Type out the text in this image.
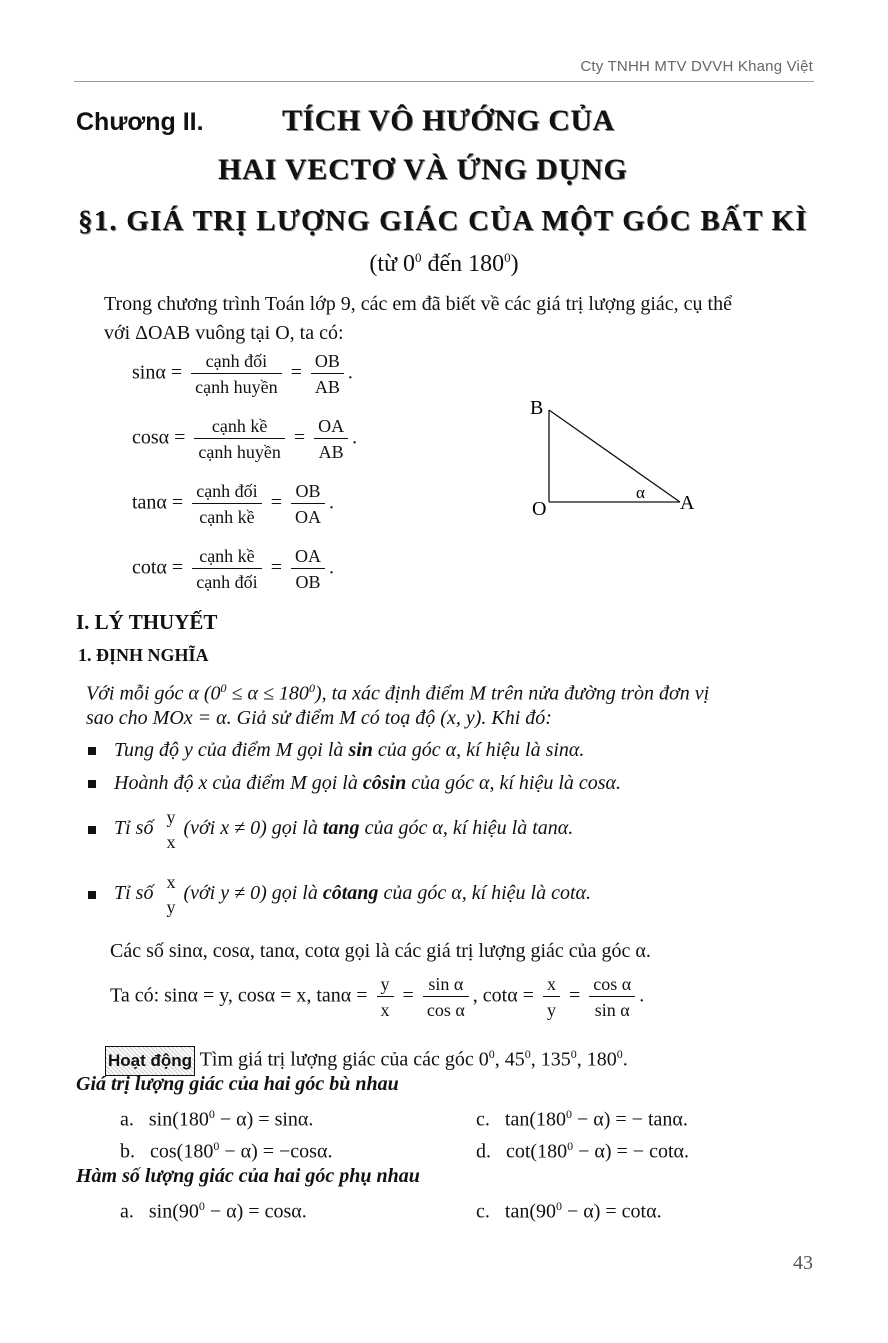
Cty TNHH MTV DVVH Khang Việt
Chương II.	TÍCH VÔ HƯỚNG CỦA
HAI VECTƠ VÀ ỨNG DỤNG
§1. GIÁ TRỊ LƯỢNG GIÁC CỦA MỘT GÓC BẤT KÌ
(từ $0^0$ đến $180^0$)
Trong chương trình Toán lớp 9, các em đã biết về các giá trị lượng giác, cụ thể
với ΔOAB vuông tại O, ta có:
$\sin\alpha = \frac{\text{cạnh đối}}{\text{cạnh huyền}} = \frac{OB}{AB}$ .
$\cos\alpha = \frac{\text{cạnh kề}}{\text{cạnh huyền}} = \frac{OA}{AB}$ .
$\tan\alpha = \frac{\text{cạnh đối}}{\text{cạnh kề}} = \frac{OB}{OA}$ .
$\cot\alpha = \frac{\text{cạnh kề}}{\text{cạnh đối}} = \frac{OA}{OB}$ .
B
O	A
α
I. LÝ THUYẾT
1. ĐỊNH NGHĨA
Với mỗi góc α $(0^0 \le \alpha \le 180^0)$, ta xác định điểm M trên nửa đường tròn đơn vị
sao cho MOx = α. Giả sử điểm M có toạ độ (x, y). Khi đó:
Tung độ y của điểm M gọi là sin của góc α, kí hiệu là sinα.
Hoành độ x của điểm M gọi là côsin của góc α, kí hiệu là cosα.
Tỉ số
y
x
(với x ≠ 0) gọi là tang của góc α, kí hiệu là tanα.
Tỉ số
x
y
(với y ≠ 0) gọi là côtang của góc α, kí hiệu là cotα.
Các số sinα, cosα, tanα, cotα gọi là các giá trị lượng giác của góc α.
Ta có: sinα = y, cosα = x, $\tan\alpha = \frac{y}{x} = \frac{\text{sin α}}{\text{cos α}}$ , $\cot\alpha = \frac{x}{y} = \frac{\text{cos α}}{\text{sin α}}$ .
Hoạt động Tìm giá trị lượng giác của các góc $0^0$, $45^0$, $135^0$, $180^0$.
Giá trị lượng giác của hai góc bù nhau
a. $\sin(180^0 - \alpha) = \sin\alpha$.	c. $\tan(180^0 - \alpha)$ = − tanα.
b. $\cos(180^0 - \alpha) = -\cos\alpha$.	d. $\cot(180^0 - \alpha)$ = − cotα.
Hàm số lượng giác của hai góc phụ nhau
a. $\sin(90^0 - \alpha) = \cos\alpha$.	c. $\tan(90^0 - \alpha) = \cot\alpha$.
43
